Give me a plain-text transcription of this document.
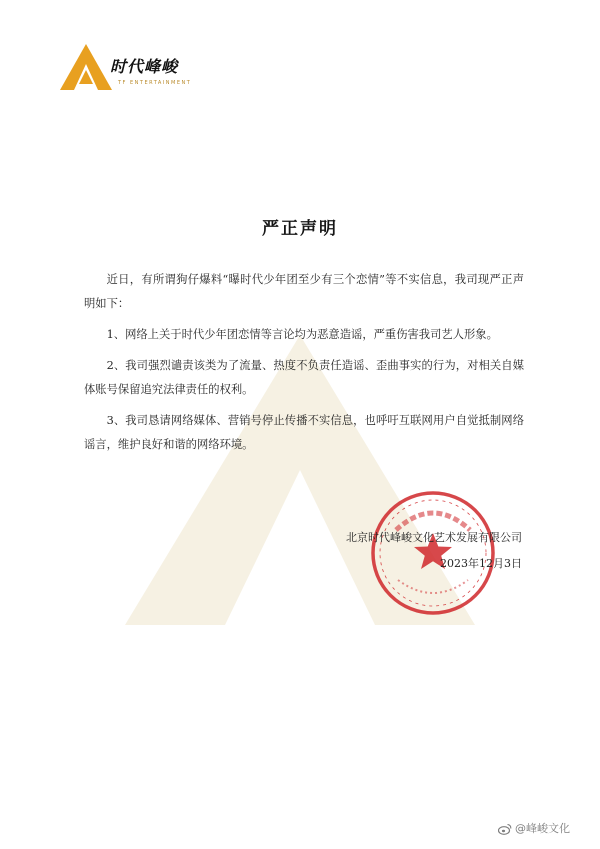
时代峰峻
TF ENTERTAINMENT
严正声明

近日，有所谓狗仔爆料“曝时代少年团至少有三个恋情”等不实信息，我司现严正声明如下：

1、网络上关于时代少年团恋情等言论均为恶意造谣，严重伤害我司艺人形象。

2、我司强烈谴责该类为了流量、热度不负责任造谣、歪曲事实的行为，对相关自媒体账号保留追究法律责任的权利。

3、我司恳请网络媒体、营销号停止传播不实信息，也呼吁互联网用户自觉抵制网络谣言，维护良好和谐的网络环境。

北京时代峰峻文化艺术发展有限公司
2023年12月3日
@峰峻文化
